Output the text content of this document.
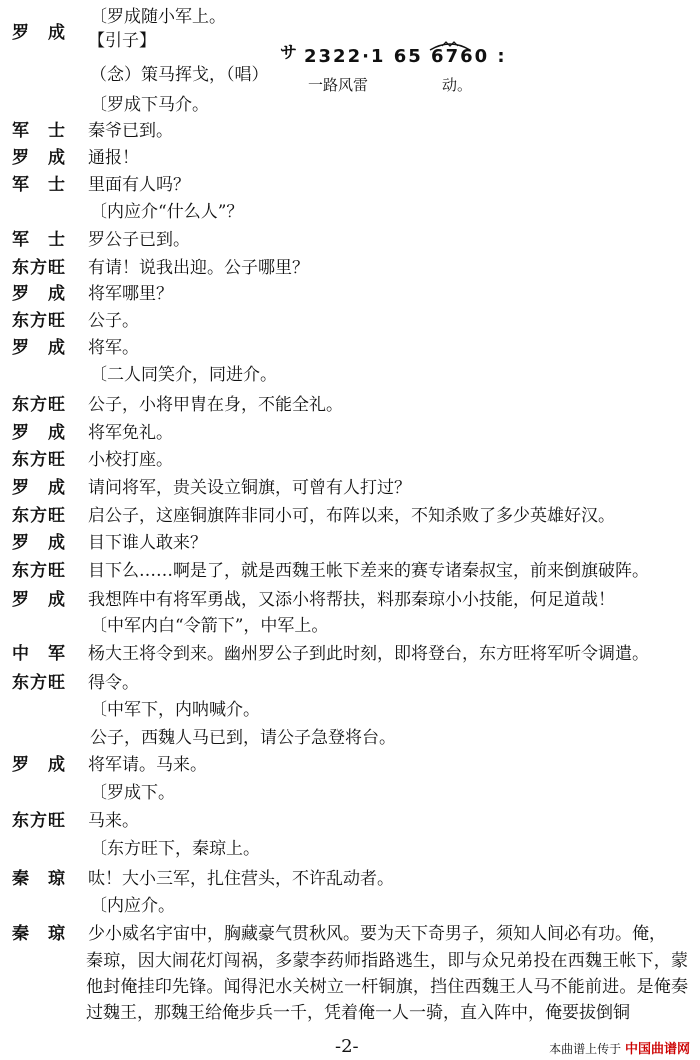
〔罗成随小军上。
罗　成 【引子】
（念）策马挥戈，（唱）
〔罗成下马介。
军　士 秦爷已到。
罗　成 通报！
军　士 里面有人吗？
〔内应介“什么人”？
军　士 罗公子已到。
东方旺 有请！说我出迎。公子哪里？
罗　成 将军哪里？
东方旺 公子。
罗　成 将军。
〔二人同笑介，同进介。
东方旺 公子，小将甲胄在身，不能全礼。
罗　成 将军免礼。
东方旺 小校打座。
罗　成 请问将军，贵关设立铜旗，可曾有人打过？
东方旺 启公子，这座铜旗阵非同小可，布阵以来，不知杀败了多少英雄好汉。
罗　成 目下谁人敢来？
东方旺 目下么……啊是了，就是西魏王帐下差来的赛专诸秦叔宝，前来倒旗破阵。
罗　成 我想阵中有将军勇战，又添小将帮扶，料那秦琼小小技能，何足道哉！
〔中军内白“令箭下”，中军上。
中　军 杨大王将令到来。幽州罗公子到此时刻，即将登台，东方旺将军听令调遣。
东方旺 得令。
〔中军下，内呐喊介。
公子，西魏人马已到，请公子急登将台。
罗　成 将军请。马来。
〔罗成下。
东方旺 马来。
〔东方旺下，秦琼上。
秦　琼 呔！大小三军，扎住营头，不许乱动者。
〔内应介。
秦　琼 少小威名宇宙中，胸藏豪气贯秋风。要为天下奇男子，须知人间必有功。俺，
サ 2322·1 65 6760 :
一路风雷	动。
秦琼，因大闹花灯闯祸，多蒙李药师指路逃生，即与众兄弟投在西魏王帐下，蒙他封俺挂印先锋。闻得汜水关树立一杆铜旗，挡住西魏王人马不能前进。是俺奏过魏王，那魏王给俺步兵一千，凭着俺一人一骑，直入阵中，俺要拔倒铜
-2-	本曲谱上传于 中国曲谱网
